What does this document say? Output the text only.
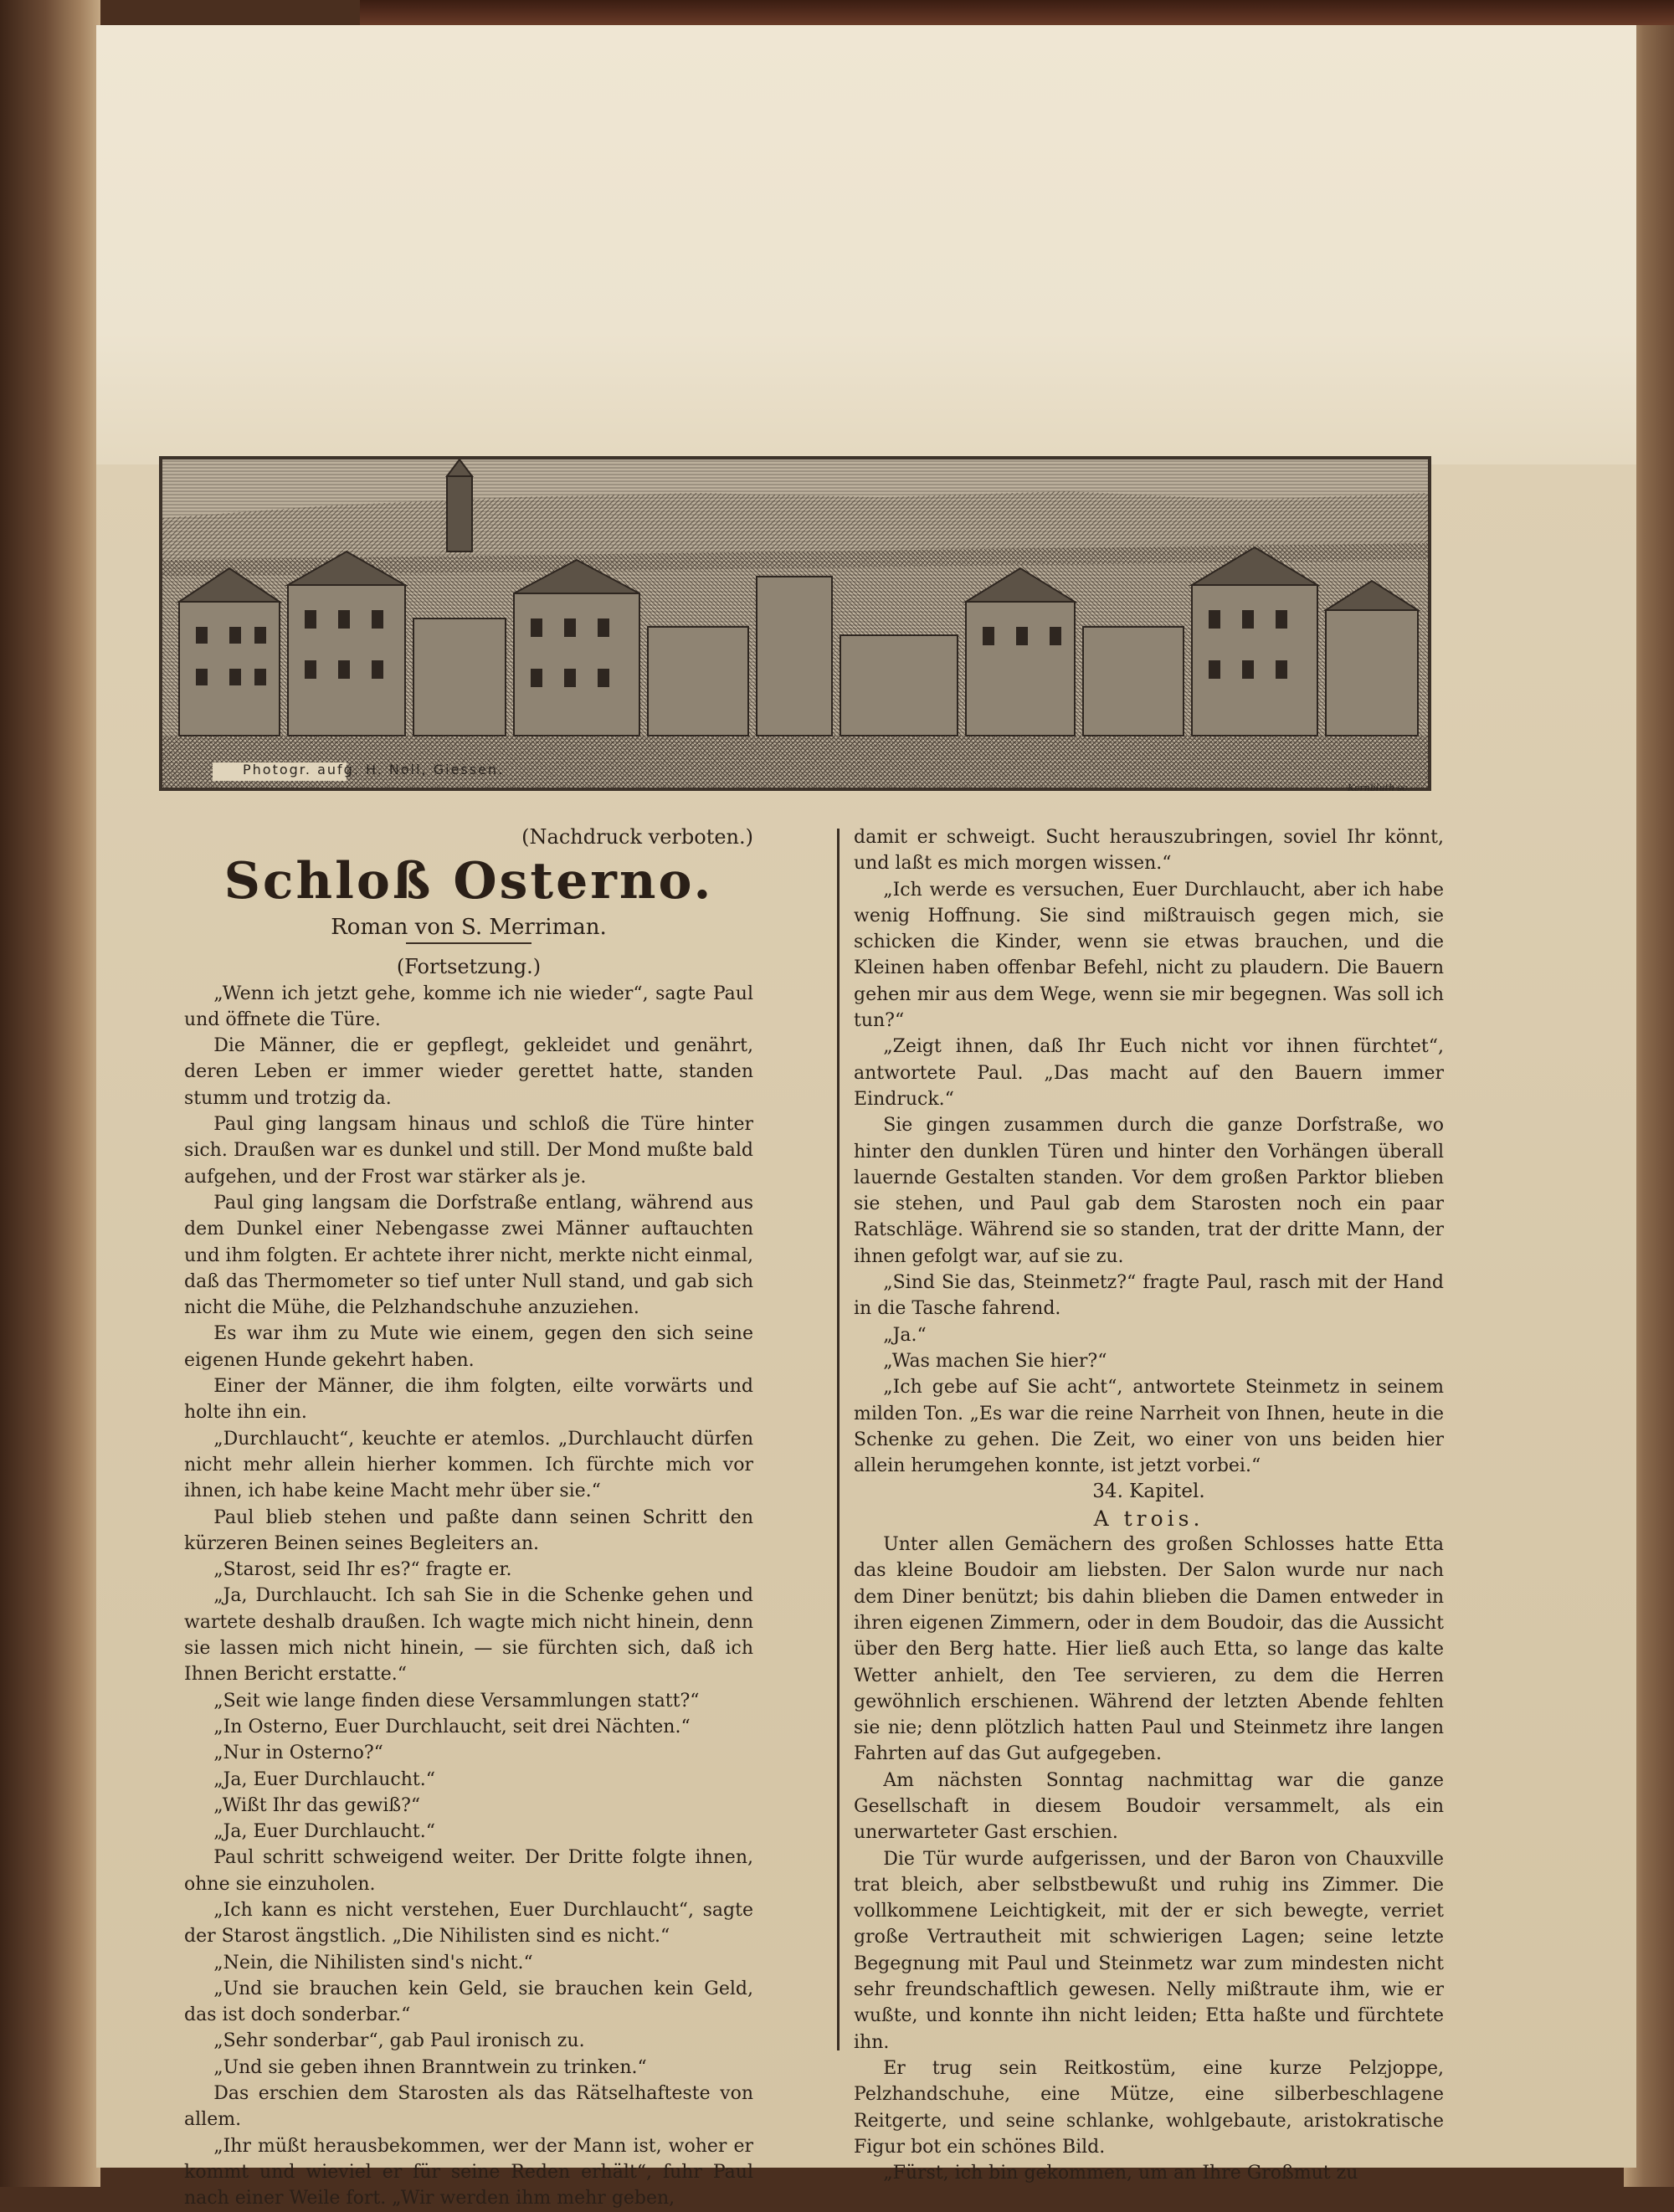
Photogr. aufg. H. Noll, Giessen.
Kornbluth sc.

(Nachdruck verboten.)

Schloß Osterno.

Roman von S. Merriman.

(Fortsetzung.)

„Wenn ich jetzt gehe, komme ich nie wieder“, sagte Paul und öffnete die Türe.

Die Männer, die er gepflegt, gekleidet und genährt, deren Leben er immer wieder gerettet hatte, standen stumm und trotzig da.

Paul ging langsam hinaus und schloß die Türe hinter sich. Draußen war es dunkel und still. Der Mond mußte bald aufgehen, und der Frost war stärker als je.

Paul ging langsam die Dorfstraße entlang, während aus dem Dunkel einer Nebengasse zwei Männer auftauchten und ihm folgten. Er achtete ihrer nicht, merkte nicht einmal, daß das Thermometer so tief unter Null stand, und gab sich nicht die Mühe, die Pelzhandschuhe anzuziehen.

Es war ihm zu Mute wie einem, gegen den sich seine eigenen Hunde gekehrt haben.

Einer der Männer, die ihm folgten, eilte vorwärts und holte ihn ein.

„Durchlaucht“, keuchte er atemlos. „Durchlaucht dürfen nicht mehr allein hierher kommen. Ich fürchte mich vor ihnen, ich habe keine Macht mehr über sie.“

Paul blieb stehen und paßte dann seinen Schritt den kürzeren Beinen seines Begleiters an.

„Starost, seid Ihr es?“ fragte er.

„Ja, Durchlaucht. Ich sah Sie in die Schenke gehen und wartete deshalb draußen. Ich wagte mich nicht hinein, denn sie lassen mich nicht hinein, — sie fürchten sich, daß ich Ihnen Bericht erstatte.“

„Seit wie lange finden diese Versammlungen statt?“

„In Osterno, Euer Durchlaucht, seit drei Nächten.“

„Nur in Osterno?“

„Ja, Euer Durchlaucht.“

„Wißt Ihr das gewiß?“

„Ja, Euer Durchlaucht.“

Paul schritt schweigend weiter. Der Dritte folgte ihnen, ohne sie einzuholen.

„Ich kann es nicht verstehen, Euer Durchlaucht“, sagte der Starost ängstlich. „Die Nihilisten sind es nicht.“

„Nein, die Nihilisten sind's nicht.“

„Und sie brauchen kein Geld, sie brauchen kein Geld, das ist doch sonderbar.“

„Sehr sonderbar“, gab Paul ironisch zu.

„Und sie geben ihnen Branntwein zu trinken.“

Das erschien dem Starosten als das Rätselhafteste von allem.

„Ihr müßt herausbekommen, wer der Mann ist, woher er kommt und wieviel er für seine Reden erhält“, fuhr Paul nach einer Weile fort. „Wir werden ihm mehr geben,

damit er schweigt. Sucht herauszubringen, soviel Ihr könnt, und laßt es mich morgen wissen.“

„Ich werde es versuchen, Euer Durchlaucht, aber ich habe wenig Hoffnung. Sie sind mißtrauisch gegen mich, sie schicken die Kinder, wenn sie etwas brauchen, und die Kleinen haben offenbar Befehl, nicht zu plaudern. Die Bauern gehen mir aus dem Wege, wenn sie mir begegnen. Was soll ich tun?“

„Zeigt ihnen, daß Ihr Euch nicht vor ihnen fürchtet“, antwortete Paul. „Das macht auf den Bauern immer Eindruck.“

Sie gingen zusammen durch die ganze Dorfstraße, wo hinter den dunklen Türen und hinter den Vorhängen überall lauernde Gestalten standen. Vor dem großen Parktor blieben sie stehen, und Paul gab dem Starosten noch ein paar Ratschläge. Während sie so standen, trat der dritte Mann, der ihnen gefolgt war, auf sie zu.

„Sind Sie das, Steinmetz?“ fragte Paul, rasch mit der Hand in die Tasche fahrend.

„Ja.“

„Was machen Sie hier?“

„Ich gebe auf Sie acht“, antwortete Steinmetz in seinem milden Ton. „Es war die reine Narrheit von Ihnen, heute in die Schenke zu gehen. Die Zeit, wo einer von uns beiden hier allein herumgehen konnte, ist jetzt vorbei.“

34. Kapitel.

A trois.

Unter allen Gemächern des großen Schlosses hatte Etta das kleine Boudoir am liebsten. Der Salon wurde nur nach dem Diner benützt; bis dahin blieben die Damen entweder in ihren eigenen Zimmern, oder in dem Boudoir, das die Aussicht über den Berg hatte. Hier ließ auch Etta, so lange das kalte Wetter anhielt, den Tee servieren, zu dem die Herren gewöhnlich erschienen. Während der letzten Abende fehlten sie nie; denn plötzlich hatten Paul und Steinmetz ihre langen Fahrten auf das Gut aufgegeben.

Am nächsten Sonntag nachmittag war die ganze Gesellschaft in diesem Boudoir versammelt, als ein unerwarteter Gast erschien.

Die Tür wurde aufgerissen, und der Baron von Chauxville trat bleich, aber selbstbewußt und ruhig ins Zimmer. Die vollkommene Leichtigkeit, mit der er sich bewegte, verriet große Vertrautheit mit schwierigen Lagen; seine letzte Begegnung mit Paul und Steinmetz war zum mindesten nicht sehr freundschaftlich gewesen. Nelly mißtraute ihm, wie er wußte, und konnte ihn nicht leiden; Etta haßte und fürchtete ihn.

Er trug sein Reitkostüm, eine kurze Pelzjoppe, Pelzhandschuhe, eine Mütze, eine silberbeschlagene Reitgerte, und seine schlanke, wohlgebaute, aristokratische Figur bot ein schönes Bild.

„Fürst, ich bin gekommen, um an Ihre Großmut zu
